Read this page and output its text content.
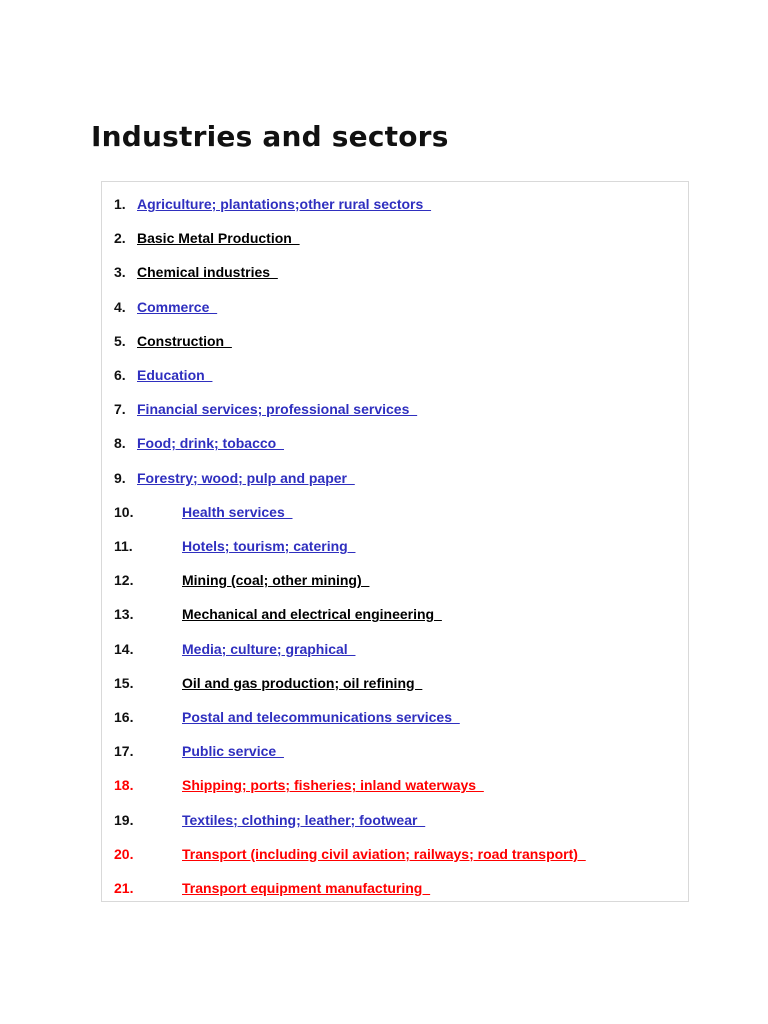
Industries and sectors
1. Agriculture; plantations;other rural sectors
2. Basic Metal Production
3. Chemical industries
4. Commerce
5. Construction
6. Education
7. Financial services; professional services
8. Food; drink; tobacco
9. Forestry; wood; pulp and paper
10.	Health services
11.	Hotels; tourism; catering
12.	Mining (coal; other mining)
13.	Mechanical and electrical engineering
14.	Media; culture; graphical
15.	Oil and gas production; oil refining
16.	Postal and telecommunications services
17.	Public service
18.	Shipping; ports; fisheries; inland waterways
19.	Textiles; clothing; leather; footwear
20.	Transport (including civil aviation; railways; road transport)
21.	Transport equipment manufacturing
